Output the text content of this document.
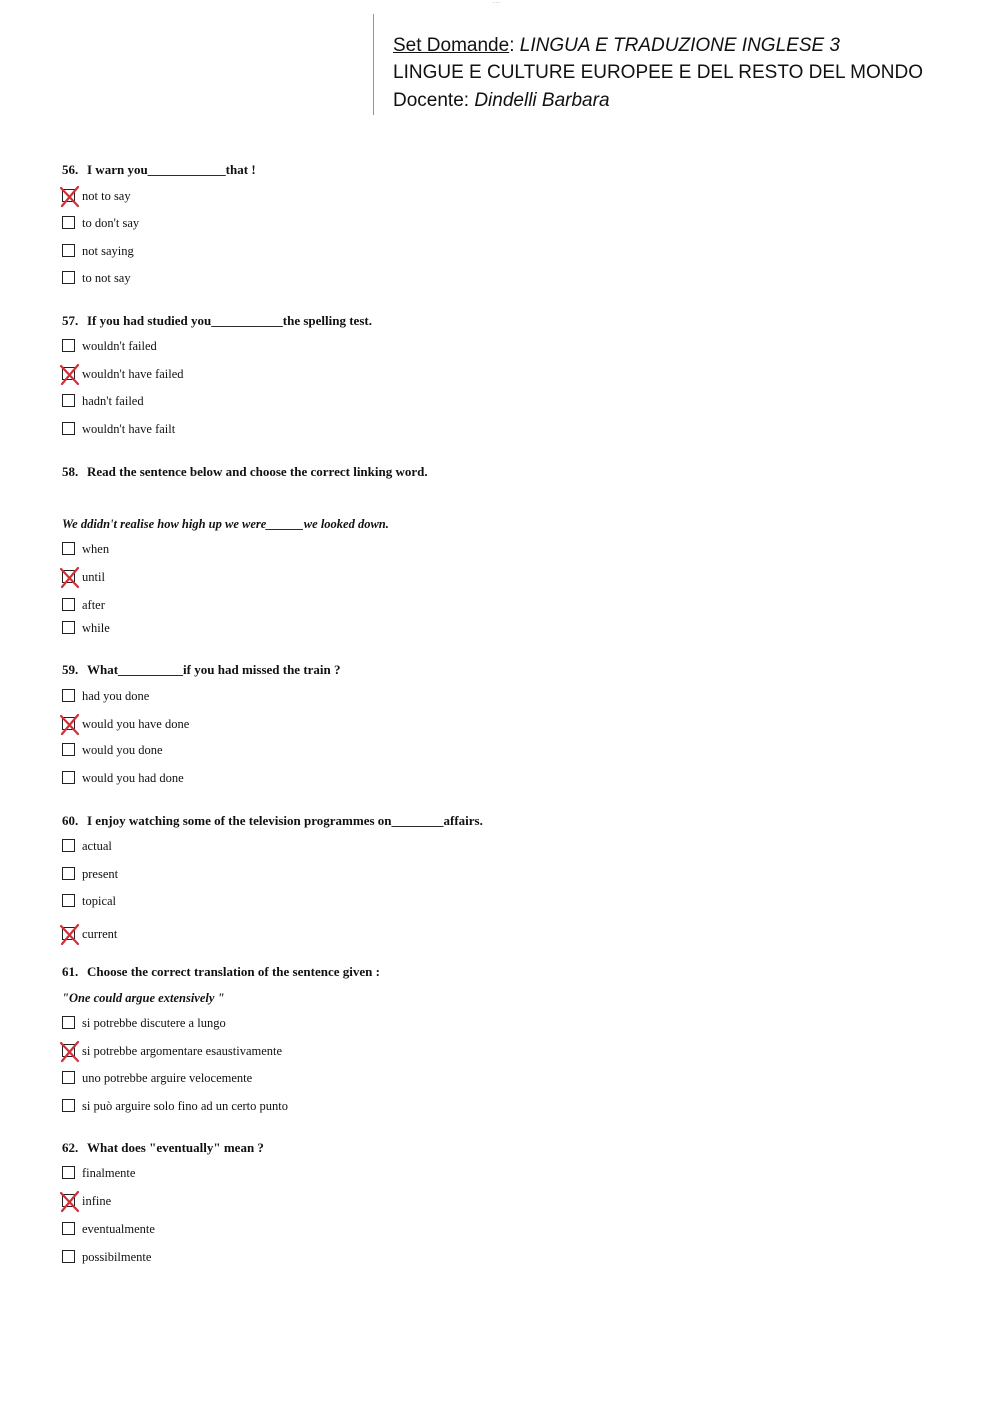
·····
Set Domande: LINGUA E TRADUZIONE INGLESE 3
LINGUE E CULTURE EUROPEE E DEL RESTO DEL MONDO
Docente: Dindelli Barbara
56. I warn you____________that !
not to say
to don't say
not saying
to not say
57. If you had studied you___________the spelling test.
wouldn't failed
wouldn't have failed
hadn't failed
wouldn't have failt
58. Read the sentence below and choose the correct linking word.
We ddidn't realise how high up we were______we looked down.
when
until
after
while
59. What__________if you had missed the train ?
had you done
would you have done
would you done
would you had done
60. I enjoy watching some of the television programmes on________affairs.
actual
present
topical
current
61. Choose the correct translation of the sentence given :
"One could argue extensively "
si potrebbe discutere a lungo
si potrebbe argomentare esaustivamente
uno potrebbe arguire velocemente
si può arguire solo fino ad un certo punto
62. What does "eventually" mean ?
finalmente
infine
eventualmente
possibilmente
